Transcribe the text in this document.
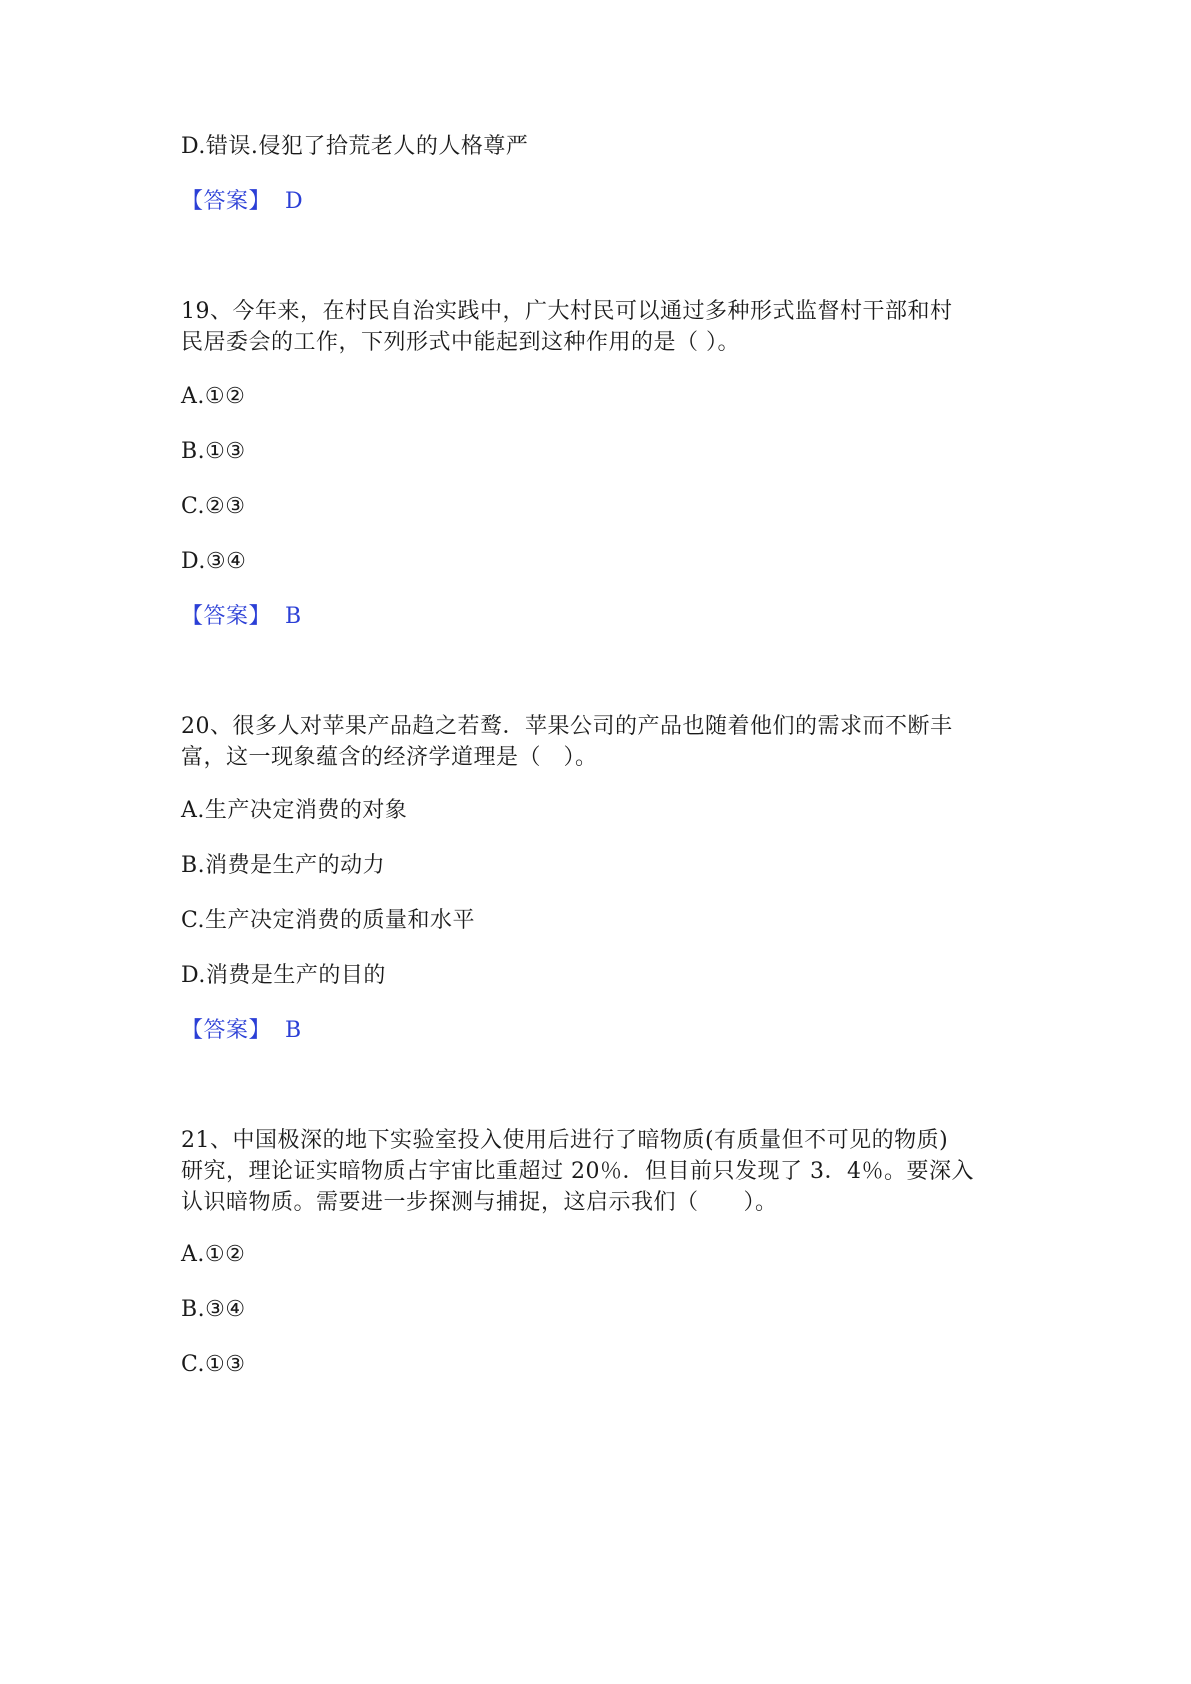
D.错误.侵犯了拾荒老人的人格尊严
【答案】 D
19、今年来，在村民自治实践中，广大村民可以通过多种形式监督村干部和村
民居委会的工作，下列形式中能起到这种作用的是（ ）。
A.①②
B.①③
C.②③
D.③④
【答案】 B
20、很多人对苹果产品趋之若鹜．苹果公司的产品也随着他们的需求而不断丰
富，这一现象蕴含的经济学道理是（　）。
A.生产决定消费的对象
B.消费是生产的动力
C.生产决定消费的质量和水平
D.消费是生产的目的
【答案】 B
21、中国极深的地下实验室投入使用后进行了暗物质(有质量但不可见的物质)
研究，理论证实暗物质占宇宙比重超过 20％．但目前只发现了 3．4％。要深入
认识暗物质。需要进一步探测与捕捉，这启示我们（　　）。
A.①②
B.③④
C.①③
